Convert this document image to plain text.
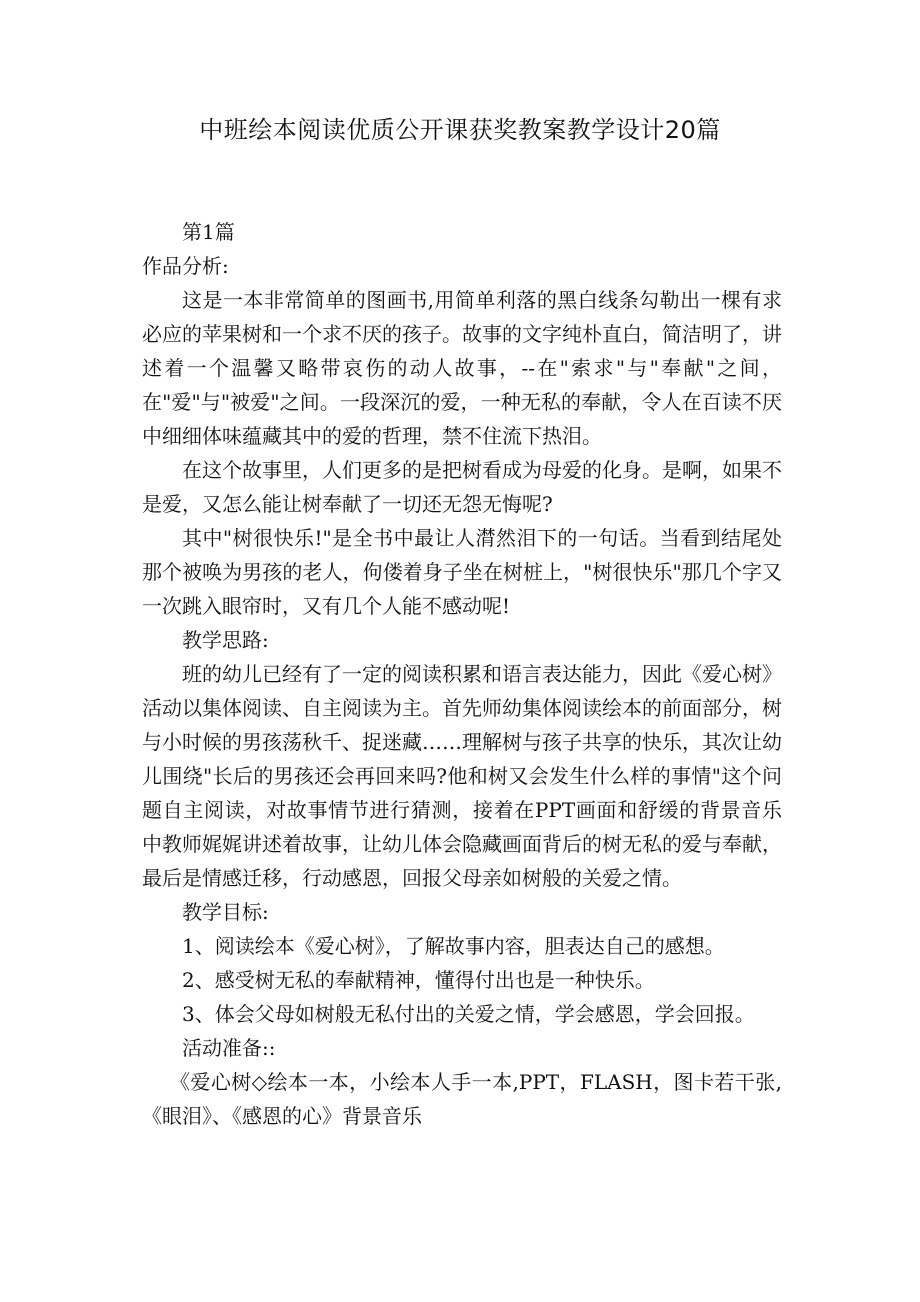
中班绘本阅读优质公开课获奖教案教学设计20篇

第1篇

作品分析:

这是一本非常简单的图画书,用简单利落的黑白线条勾勒出一棵有求必应的苹果树和一个求不厌的孩子。故事的文字纯朴直白，简洁明了，讲述着一个温馨又略带哀伤的动人故事，--在"索求"与"奉献"之间，在"爱"与"被爱"之间。一段深沉的爱，一种无私的奉献，令人在百读不厌中细细体味蕴藏其中的爱的哲理，禁不住流下热泪。

在这个故事里，人们更多的是把树看成为母爱的化身。是啊，如果不是爱，又怎么能让树奉献了一切还无怨无悔呢?

其中"树很快乐!"是全书中最让人潸然泪下的一句话。当看到结尾处那个被唤为男孩的老人，佝偻着身子坐在树桩上，"树很快乐"那几个字又一次跳入眼帘时，又有几个人能不感动呢!

教学思路:

班的幼儿已经有了一定的阅读积累和语言表达能力，因此《爱心树》活动以集体阅读、自主阅读为主。首先师幼集体阅读绘本的前面部分，树与小时候的男孩荡秋千、捉迷藏……理解树与孩子共享的快乐，其次让幼儿围绕"长后的男孩还会再回来吗?他和树又会发生什么样的事情"这个问题自主阅读，对故事情节进行猜测，接着在PPT画面和舒缓的背景音乐中教师娓娓讲述着故事，让幼儿体会隐藏画面背后的树无私的爱与奉献，最后是情感迁移，行动感恩，回报父母亲如树般的关爱之情。

教学目标:

1、阅读绘本《爱心树》，了解故事内容，胆表达自己的感想。

2、感受树无私的奉献精神，懂得付出也是一种快乐。

3、体会父母如树般无私付出的关爱之情，学会感恩，学会回报。

活动准备::

《爱心树◇绘本一本，小绘本人手一本,PPT，FLASH，图卡若干张,《眼泪》、《感恩的心》背景音乐
